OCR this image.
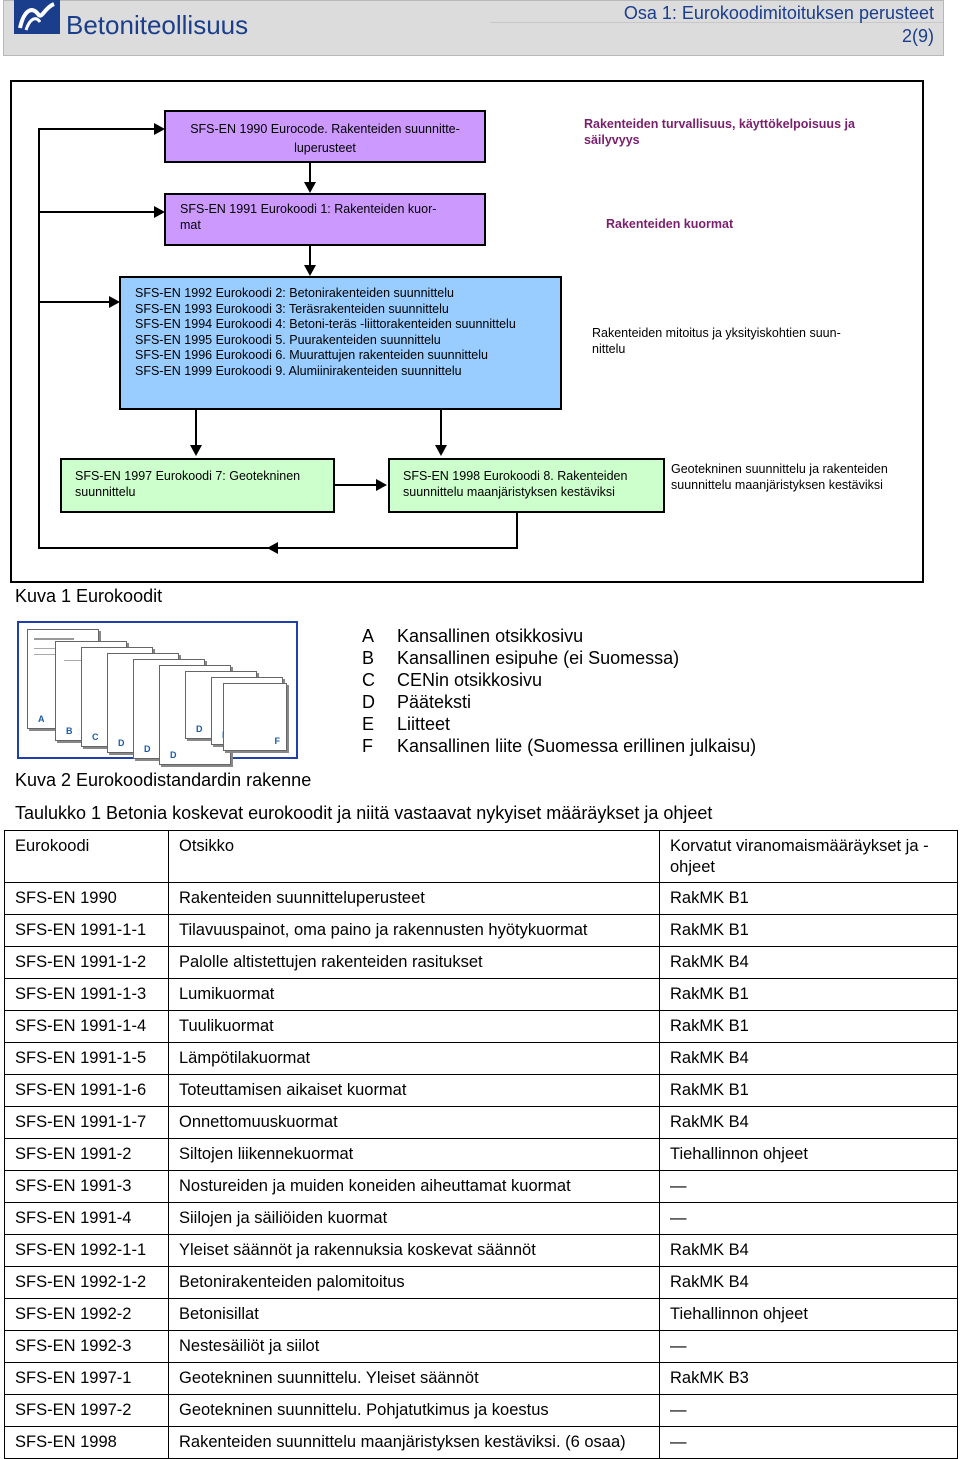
Betoniteollisuus	Osa 1: Eurokoodimitoituksen perusteet
2(9)
SFS-EN 1990 Eurocode. Rakenteiden suunnitte-
luperusteet
Rakenteiden turvallisuus, käyttökelpoisuus ja
säilyvyys
SFS-EN 1991 Eurokoodi 1: Rakenteiden kuor-
mat	Rakenteiden kuormat
SFS-EN 1992 Eurokoodi 2: Betonirakenteiden suunnittelu
SFS-EN 1993 Eurokoodi 3: Teräsrakenteiden suunnittelu
SFS-EN 1994 Eurokoodi 4: Betoni-teräs -liittorakenteiden suunnittelu
SFS-EN 1995 Eurokoodi 5. Puurakenteiden suunnittelu
SFS-EN 1996 Eurokoodi 6. Muurattujen rakenteiden suunnittelu
SFS-EN 1999 Eurokoodi 9. Alumiinirakenteiden suunnittelu
Rakenteiden mitoitus ja yksityiskohtien suun-
nittelu
SFS-EN 1997 Eurokoodi 7: Geotekninen
suunnittelu
SFS-EN 1998 Eurokoodi 8. Rakenteiden
suunnittelu maanjäristyksen kestäviksi
Geotekninen suunnittelu ja rakenteiden
suunnittelu maanjäristyksen kestäviksi
Kuva 1 Eurokoodit
A
B
C
D
D
D
D
F
A Kansallinen otsikkosivu
B Kansallinen esipuhe (ei Suomessa)
C CENin otsikkosivu
D Pääteksti
E Liitteet
F Kansallinen liite (Suomessa erillinen julkaisu)
Kuva 2 Eurokoodistandardin rakenne
Taulukko 1 Betonia koskevat eurokoodit ja niitä vastaavat nykyiset määräykset ja ohjeet
Eurokoodi	Otsikko	Korvatut viranomaismääräykset ja -ohjeet
SFS-EN 1990	Rakenteiden suunnitteluperusteet	RakMK B1
SFS-EN 1991-1-1	Tilavuuspainot, oma paino ja rakennusten hyötykuormat	RakMK B1
SFS-EN 1991-1-2	Palolle altistettujen rakenteiden rasitukset	RakMK B4
SFS-EN 1991-1-3	Lumikuormat	RakMK B1
SFS-EN 1991-1-4	Tuulikuormat	RakMK B1
SFS-EN 1991-1-5	Lämpötilakuormat	RakMK B4
SFS-EN 1991-1-6	Toteuttamisen aikaiset kuormat	RakMK B1
SFS-EN 1991-1-7	Onnettomuuskuormat	RakMK B4
SFS-EN 1991-2	Siltojen liikennekuormat	Tiehallinnon ohjeet
SFS-EN 1991-3	Nostureiden ja muiden koneiden aiheuttamat kuormat	—
SFS-EN 1991-4	Siilojen ja säiliöiden kuormat	—
SFS-EN 1992-1-1	Yleiset säännöt ja rakennuksia koskevat säännöt	RakMK B4
SFS-EN 1992-1-2	Betonirakenteiden palomitoitus	RakMK B4
SFS-EN 1992-2	Betonisillat	Tiehallinnon ohjeet
SFS-EN 1992-3	Nestesäiliöt ja siilot	—
SFS-EN 1997-1	Geotekninen suunnittelu. Yleiset säännöt	RakMK B3
SFS-EN 1997-2	Geotekninen suunnittelu. Pohjatutkimus ja koestus	—
SFS-EN 1998	Rakenteiden suunnittelu maanjäristyksen kestäviksi. (6 osaa)	—
